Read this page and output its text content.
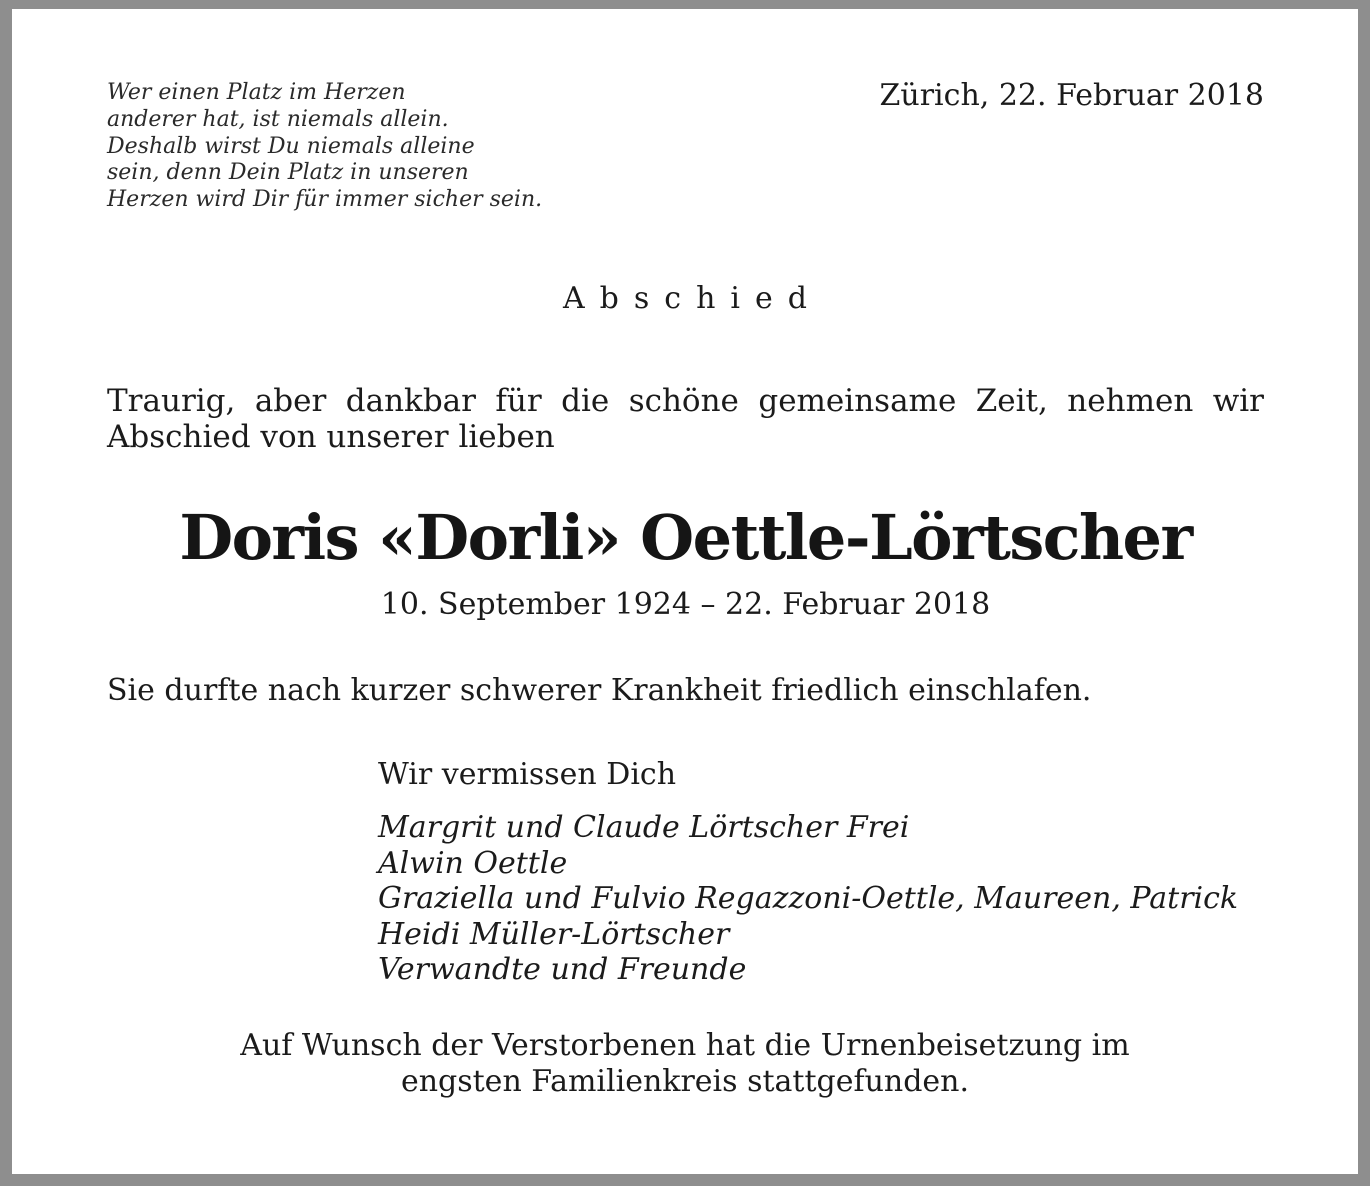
Wer einen Platz im Herzen
anderer hat, ist niemals allein.
Deshalb wirst Du niemals alleine
sein, denn Dein Platz in unseren
Herzen wird Dir für immer sicher sein.
Zürich, 22. Februar 2018
Abschied
Traurig, aber dankbar für die schöne gemeinsame Zeit, nehmen wir Abschied von unserer lieben
Doris «Dorli» Oettle-Lörtscher
10. September 1924 – 22. Februar 2018
Sie durfte nach kurzer schwerer Krankheit friedlich einschlafen.
Wir vermissen Dich
Margrit und Claude Lörtscher Frei
Alwin Oettle
Graziella und Fulvio Regazzoni-Oettle, Maureen, Patrick
Heidi Müller-Lörtscher
Verwandte und Freunde
Auf Wunsch der Verstorbenen hat die Urnenbeisetzung im
engsten Familienkreis stattgefunden.
